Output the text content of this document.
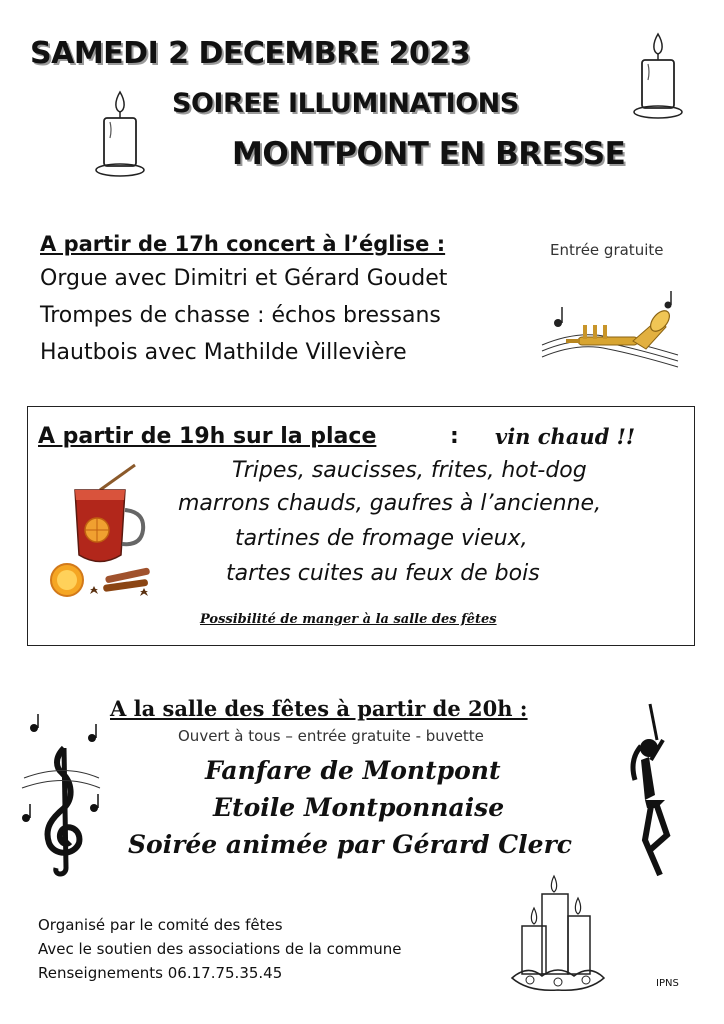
SAMEDI 2 DECEMBRE 2023
SOIREE ILLUMINATIONS
MONTPONT EN BRESSE
A partir de 17h concert à l’église :	Entrée gratuite
Orgue avec Dimitri et Gérard Goudet
Trompes de chasse : échos bressans
Hautbois avec Mathilde Villevière
A partir de 19h sur la place	: vin chaud !!
Tripes, saucisses, frites, hot-dog
marrons chauds, gaufres à l’ancienne,
tartines de fromage vieux,
tartes cuites au feux de bois
Possibilité de manger à la salle des fêtes
A la salle des fêtes à partir de 20h :
Ouvert à tous – entrée gratuite - buvette
Fanfare de Montpont
Etoile Montponnaise
Soirée animée par Gérard Clerc
Organisé par le comité des fêtes
Avec le soutien des associations de la commune
Renseignements 06.17.75.35.45
IPNS
